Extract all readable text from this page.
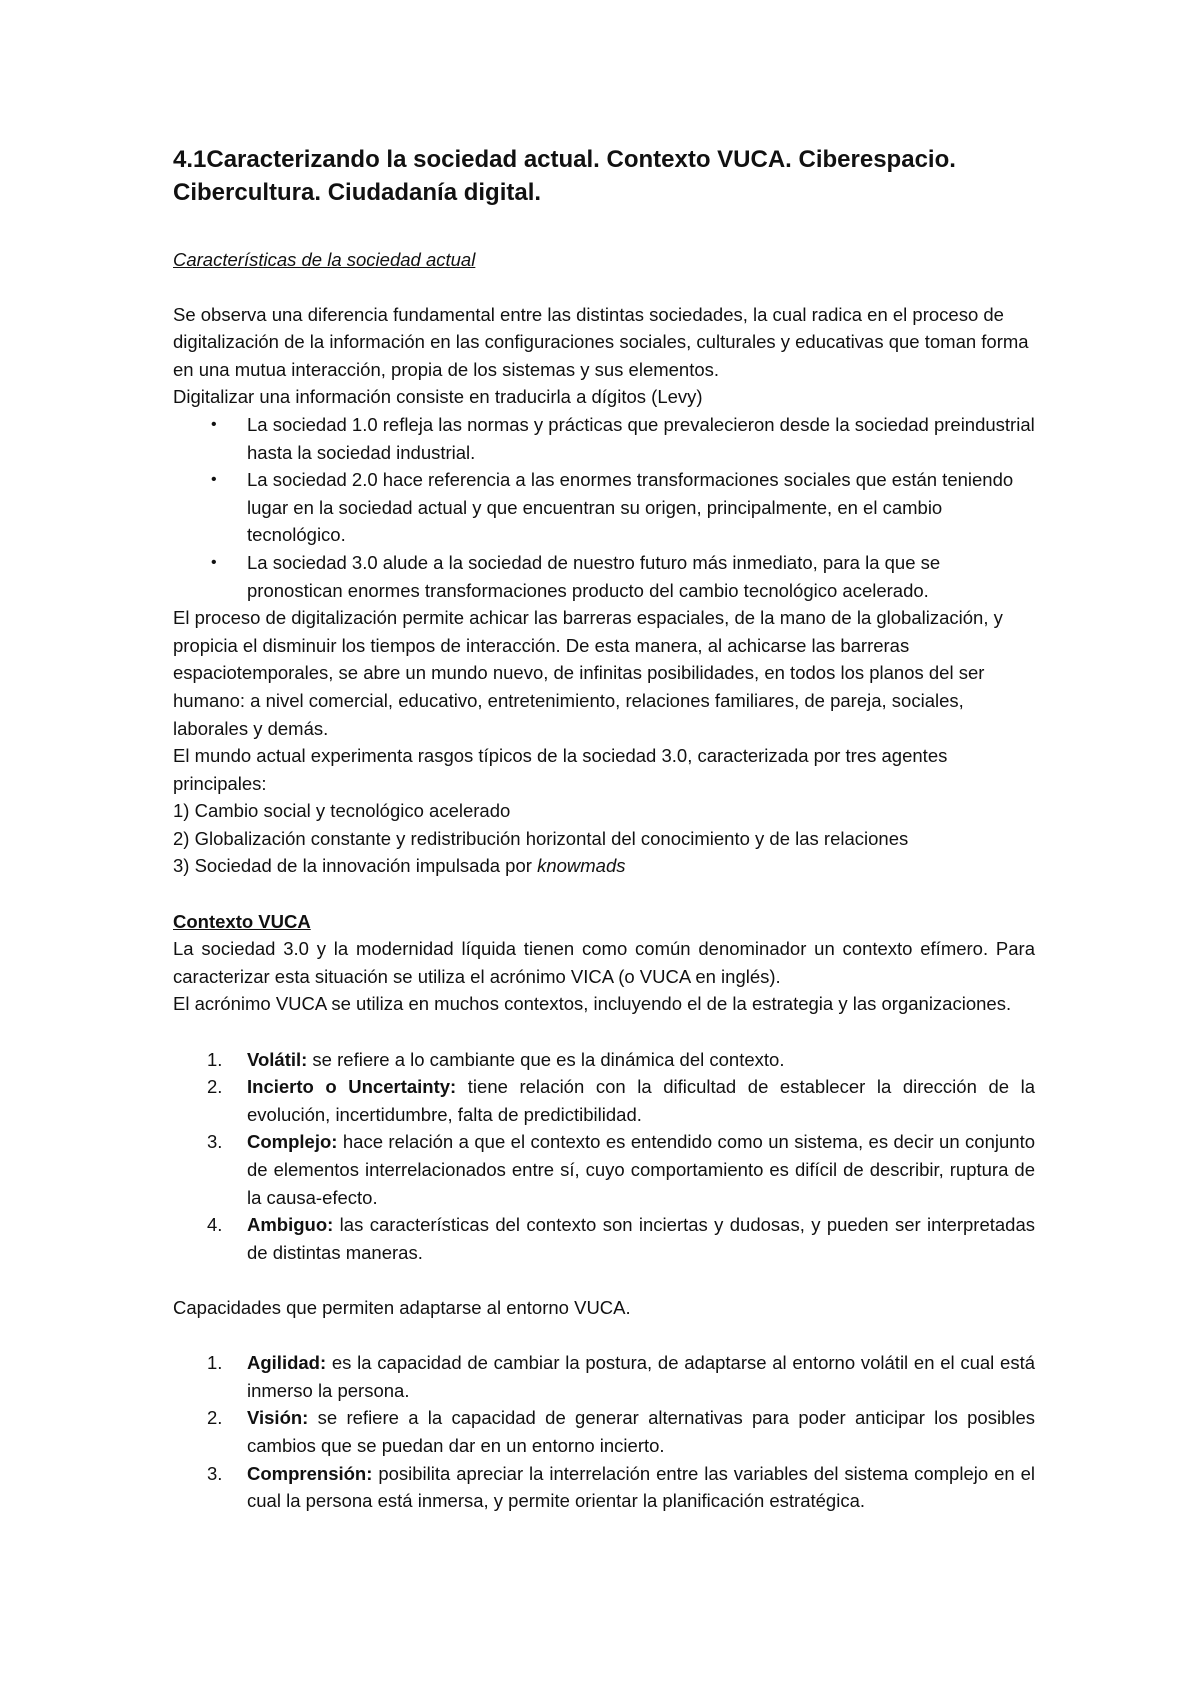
4.1Caracterizando la sociedad actual. Contexto VUCA. Ciberespacio. Cibercultura. Ciudadanía digital.
Características de la sociedad actual

Se observa una diferencia fundamental entre las distintas sociedades, la cual radica en el proceso de digitalización de la información en las configuraciones sociales, culturales y educativas que toman forma en una mutua interacción, propia de los sistemas y sus elementos.

Digitalizar una información consiste en traducirla a dígitos (Levy)

• La sociedad 1.0 refleja las normas y prácticas que prevalecieron desde la sociedad preindustrial hasta la sociedad industrial.
• La sociedad 2.0 hace referencia a las enormes transformaciones sociales que están teniendo lugar en la sociedad actual y que encuentran su origen, principalmente, en el cambio tecnológico.
• La sociedad 3.0 alude a la sociedad de nuestro futuro más inmediato, para la que se pronostican enormes transformaciones producto del cambio tecnológico acelerado.

El proceso de digitalización permite achicar las barreras espaciales, de la mano de la globalización, y propicia el disminuir los tiempos de interacción. De esta manera, al achicarse las barreras espaciotemporales, se abre un mundo nuevo, de infinitas posibilidades, en todos los planos del ser humano: a nivel comercial, educativo, entretenimiento, relaciones familiares, de pareja, sociales, laborales y demás.

El mundo actual experimenta rasgos típicos de la sociedad 3.0, caracterizada por tres agentes principales:

1) Cambio social y tecnológico acelerado

2) Globalización constante y redistribución horizontal del conocimiento y de las relaciones

3) Sociedad de la innovación impulsada por knowmads

Contexto VUCA

La sociedad 3.0 y la modernidad líquida tienen como común denominador un contexto efímero. Para caracterizar esta situación se utiliza el acrónimo VICA (o VUCA en inglés).

El acrónimo VUCA se utiliza en muchos contextos, incluyendo el de la estrategia y las organizaciones.

1. Volátil: se refiere a lo cambiante que es la dinámica del contexto.
2. Incierto o Uncertainty: tiene relación con la dificultad de establecer la dirección de la evolución, incertidumbre, falta de predictibilidad.
3. Complejo: hace relación a que el contexto es entendido como un sistema, es decir un conjunto de elementos interrelacionados entre sí, cuyo comportamiento es difícil de describir, ruptura de la causa-efecto.
4. Ambiguo: las características del contexto son inciertas y dudosas, y pueden ser interpretadas de distintas maneras.

Capacidades que permiten adaptarse al entorno VUCA.

1. Agilidad: es la capacidad de cambiar la postura, de adaptarse al entorno volátil en el cual está inmerso la persona.
2. Visión: se refiere a la capacidad de generar alternativas para poder anticipar los posibles cambios que se puedan dar en un entorno incierto.
3. Comprensión: posibilita apreciar la interrelación entre las variables del sistema complejo en el cual la persona está inmersa, y permite orientar la planificación estratégica.
